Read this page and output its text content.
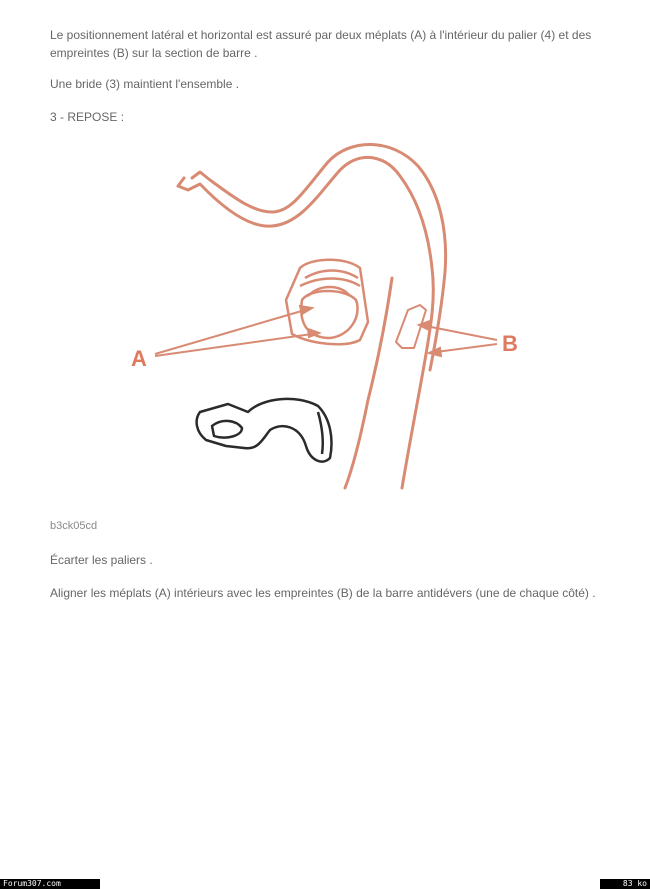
Le positionnement latéral et horizontal est assuré par deux méplats (A) à l'intérieur du palier (4) et des empreintes (B) sur la section de barre .
Une bride (3) maintient l'ensemble .
3 - REPOSE :
A
B
b3ck05cd
Écarter les paliers .
Aligner les méplats (A) intérieurs avec les empreintes (B) de la barre antidévers (une de chaque côté) .
Forum307.com	83 ko
